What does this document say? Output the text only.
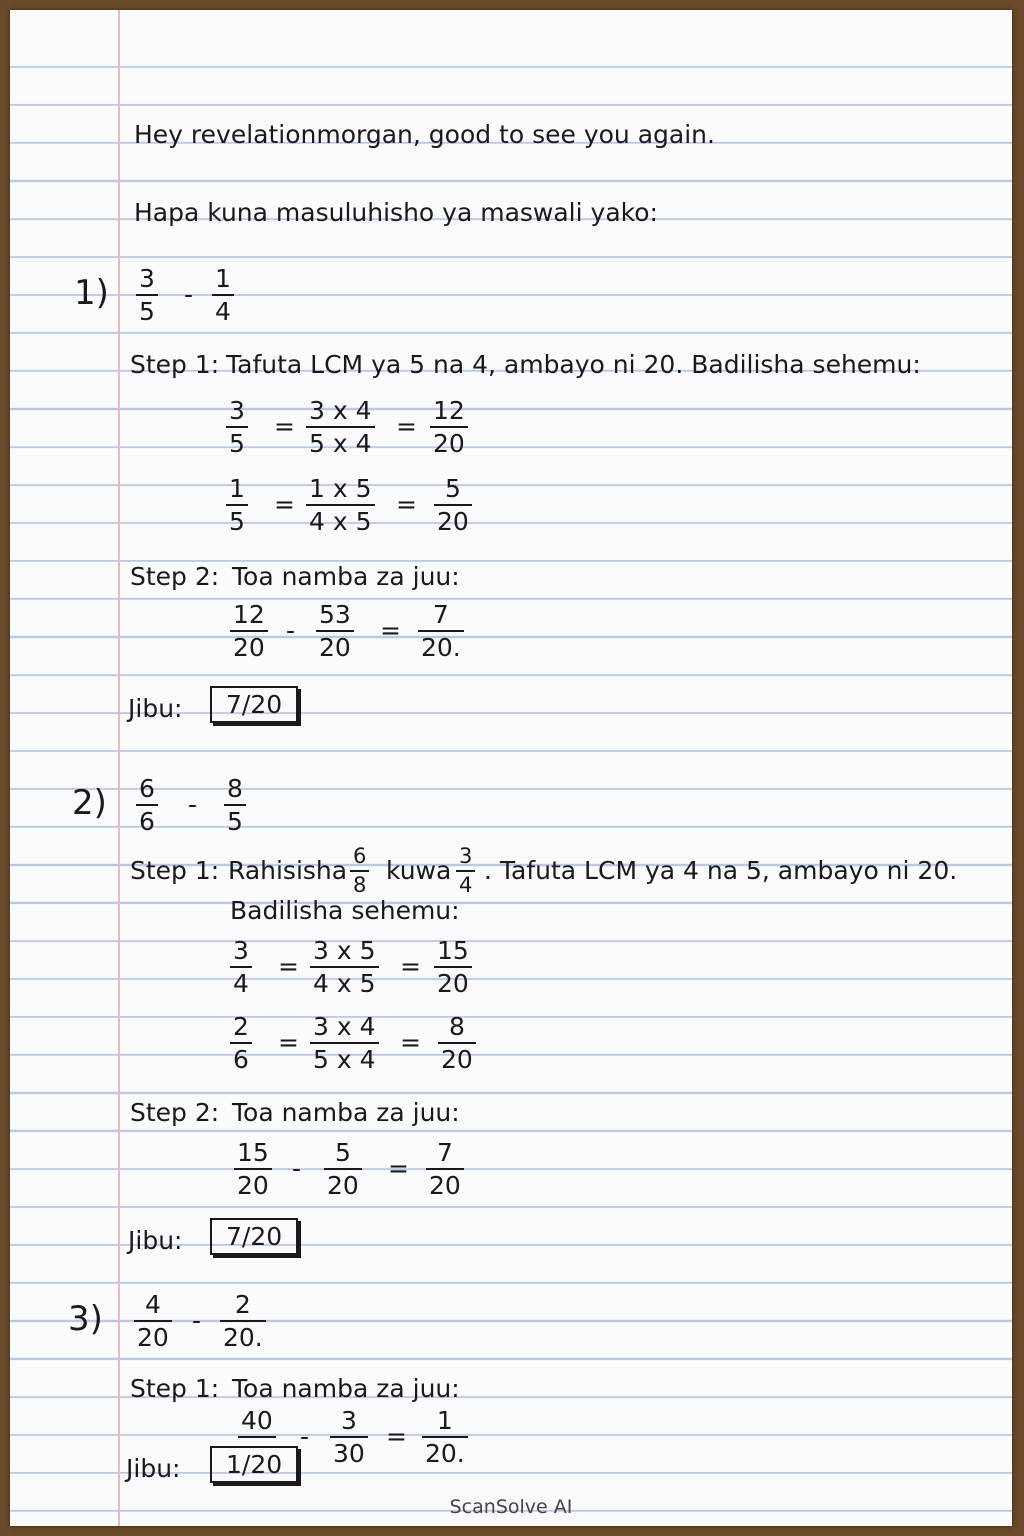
Hey revelationmorgan, good to see you again.
Hapa kuna masuluhisho ya maswali yako:
1) 3
5
-
1
4
Step 1: Tafuta LCM ya 5 na 4, ambayo ni 20. Badilisha sehemu:
3
5
=
3 x 4
5 x 4
=
12
20
1
5
=
1 x 5
4 x 5
=
5
20
Step 2: Toa namba za juu:
12
20
-
53
20
=
7
20.
Jibu:	7/20
2) 6
6
-
8
5
Step 1: Rahisisha 6
8 kuwa 3
4 . Tafuta LCM ya 4 na 5, ambayo ni 20.
Badilisha sehemu:
3
4
=
3 x 5
4 x 5
=
15
20
2
6
=
3 x 4
5 x 4
=
8
20
Step 2: Toa namba za juu:
15
20
-
5
20
=
7
20
Jibu:	7/20
3) 4
20
-
2
20.
Step 1: Toa namba za juu:
40
-
3
30
=
1
20.
Jibu:	1/20
ScanSolve AI
